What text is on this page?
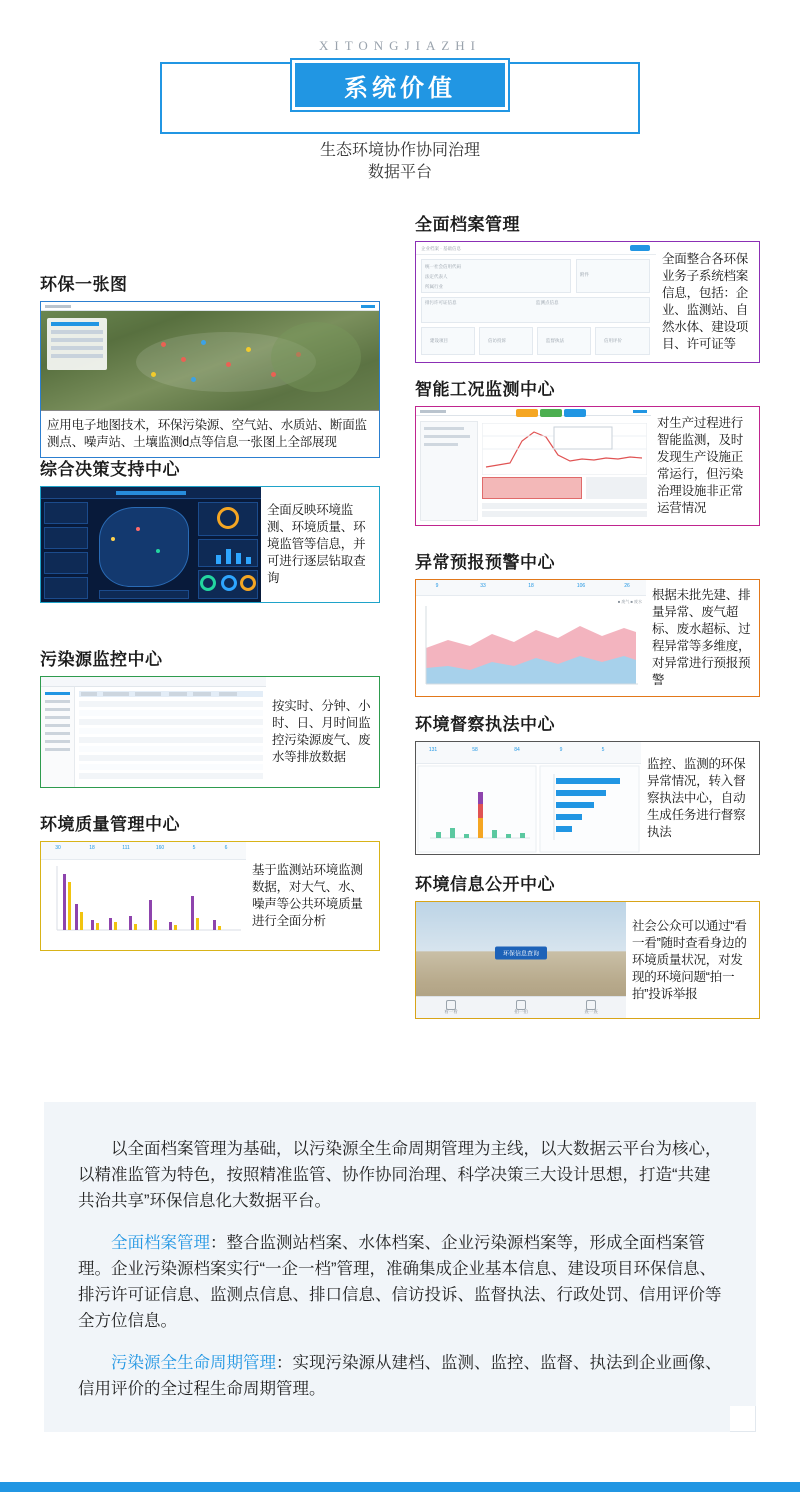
XITONGJIAZHI
系统价值
生态环境协作协同治理
数据平台
环保一张图
应用电子地图技术，环保污染源、空气站、水质站、断面监测点、噪声站、土壤监测d点等信息一张图上全部展现
全面档案管理
企业档案 · 基础信息
统一社会信用代码
法定代表人
所属行业
附件
排污许可证信息	监测点信息
建设项目	信访投诉	监督执法	信用评价
全面整合各环保业务子系统档案信息，包括：企业、监测站、自然水体、建设项目、许可证等
综合决策支持中心
全面反映环境监测、环境质量、环境监管等信息，并可进行逐层钻取查询
智能工况监测中心
对生产过程进行智能监测，及时发现生产设施正常运行，但污染治理设施非正常运营情况
污染源监控中心
按实时、分钟、小时、日、月时间监控污染源废气、废水等排放数据
异常预报预警中心
9	33	18	106	26
■ 废气 ■ 废水 根据未批先建、排量异常、废气超标、废水超标、过程异常等多维度，对异常进行预报预警
环境质量管理中心
30	18	111	160	5	6
基于监测站环境监测数据，对大气、水、噪声等公共环境质量进行全面分析
环境督察执法中心
131	58	84	9	5
监控、监测的环保异常情况，转入督察执法中心，自动生成任务进行督察执法
环境信息公开中心
环保信息查询
看一看	拍一拍	查一查
社会公众可以通过“看一看”随时查看身边的环境质量状况，对发现的环境问题“拍一拍”投诉举报

以全面档案管理为基础，以污染源全生命周期管理为主线，以大数据云平台为核心，以精准监管为特色，按照精准监管、协作协同治理、科学决策三大设计思想，打造“共建共治共享”环保信息化大数据平台。

全面档案管理：整合监测站档案、水体档案、企业污染源档案等，形成全面档案管理。企业污染源档案实行“一企一档”管理，准确集成企业基本信息、建设项目环保信息、排污许可证信息、监测点信息、排口信息、信访投诉、监督执法、行政处罚、信用评价等全方位信息。

污染源全生命周期管理：实现污染源从建档、监测、监控、监督、执法到企业画像、信用评价的全过程生命周期管理。
